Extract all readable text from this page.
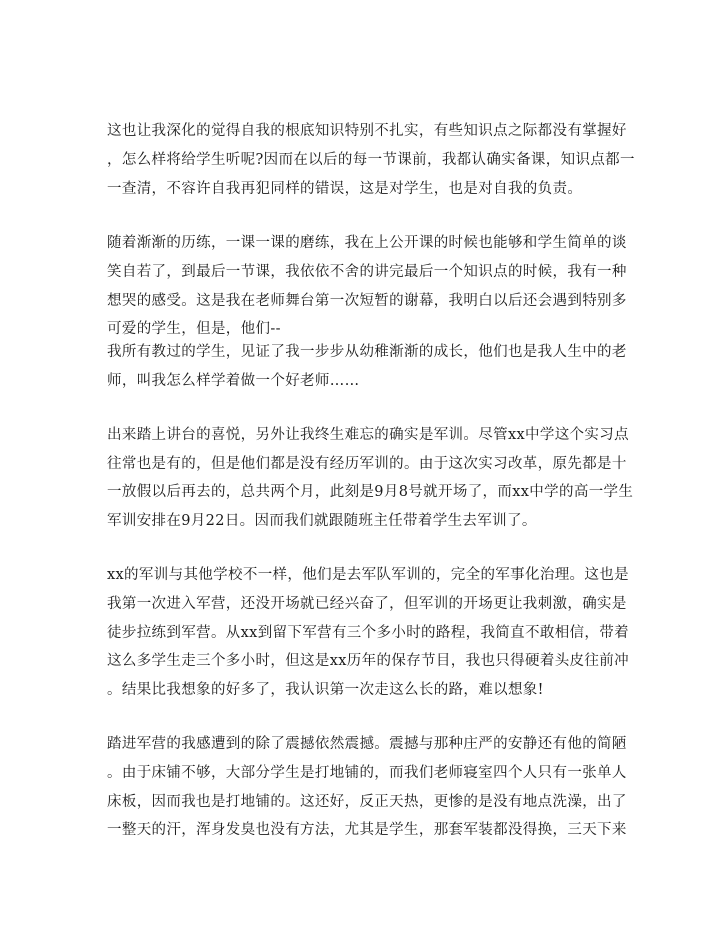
这也让我深化的觉得自我的根底知识特别不扎实，有些知识点之际都没有掌握好
，怎么样将给学生听呢?因而在以后的每一节课前，我都认确实备课，知识点都一
一查清，不容许自我再犯同样的错误，这是对学生，也是对自我的负责。
随着渐渐的历练，一课一课的磨练，我在上公开课的时候也能够和学生简单的谈
笑自若了，到最后一节课，我依依不舍的讲完最后一个知识点的时候，我有一种
想哭的感受。这是我在老师舞台第一次短暂的谢幕，我明白以后还会遇到特别多
可爱的学生，但是，他们--
我所有教过的学生，见证了我一步步从幼稚渐渐的成长，他们也是我人生中的老
师，叫我怎么样学着做一个好老师……
出来踏上讲台的喜悦，另外让我终生难忘的确实是军训。尽管xx中学这个实习点
往常也是有的，但是他们都是没有经历军训的。由于这次实习改革，原先都是十
一放假以后再去的，总共两个月，此刻是9月8号就开场了，而xx中学的高一学生
军训安排在9月22日。因而我们就跟随班主任带着学生去军训了。
xx的军训与其他学校不一样，他们是去军队军训的，完全的军事化治理。这也是
我第一次进入军营，还没开场就已经兴奋了，但军训的开场更让我刺激，确实是
徒步拉练到军营。从xx到留下军营有三个多小时的路程，我简直不敢相信，带着
这么多学生走三个多小时，但这是xx历年的保存节目，我也只得硬着头皮往前冲
。结果比我想象的好多了，我认识第一次走这么长的路，难以想象!
踏进军营的我感遭到的除了震撼依然震撼。震撼与那种庄严的安静还有他的简陋
。由于床铺不够，大部分学生是打地铺的，而我们老师寝室四个人只有一张单人
床板，因而我也是打地铺的。这还好，反正天热，更惨的是没有地点洗澡，出了
一整天的汗，浑身发臭也没有方法，尤其是学生，那套军装都没得换，三天下来
